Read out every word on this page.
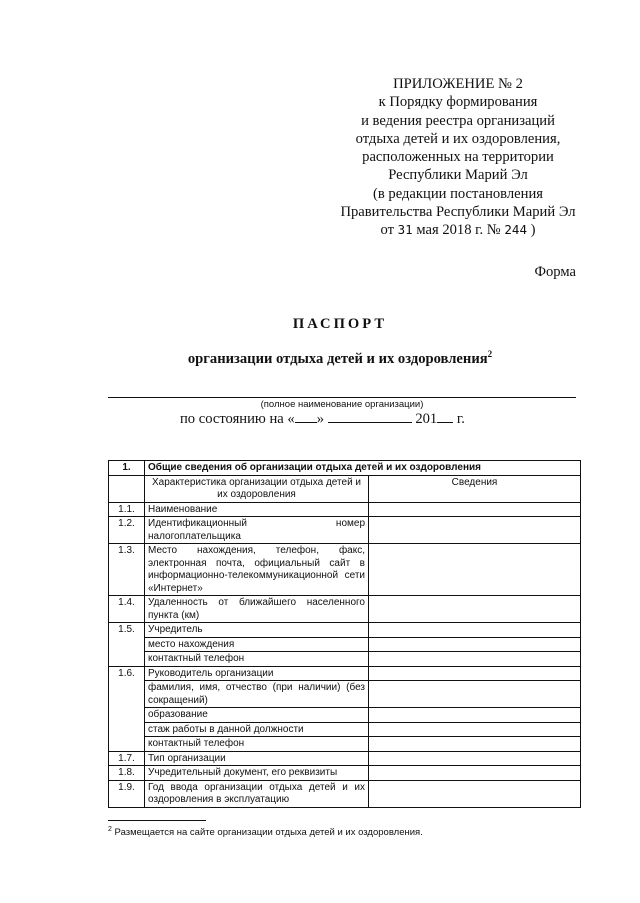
ПРИЛОЖЕНИЕ № 2
к Порядку формирования
и ведения реестра организаций
отдыха детей и их оздоровления,
расположенных на территории
Республики Марий Эл
(в редакции постановления
Правительства Республики Марий Эл
от 31 мая 2018 г. № 244 )
Форма
ПАСПОРТ
организации отдыха детей и их оздоровления$^2$
(полное наименование организации)
по состоянию на « »	201 г.
1.	Общие сведения об организации отдыха детей и их оздоровления	
	Характеристика организации отдыха детей и их оздоровления	Сведения
1.1.	Наименование	
1.2.	Идентификационный номер налогоплательщика	
1.3.	Место нахождения, телефон, факс, электронная почта, официальный сайт в информационно-телекоммуникационной сети «Интернет»	
1.4.	Удаленность от ближайшего населенного пункта (км)	
1.5.	Учредитель	
	место нахождения	
	контактный телефон	
1.6.	Руководитель организации	
	фамилия, имя, отчество (при наличии) (без сокращений)	
	образование	
	стаж работы в данной должности	
	контактный телефон	
1.7.	Тип организации	
1.8.	Учредительный документ, его реквизиты	
1.9.	Год ввода организации отдыха детей и их оздоровления в эксплуатацию	
$^2$ Размещается на сайте организации отдыха детей и их оздоровления.
